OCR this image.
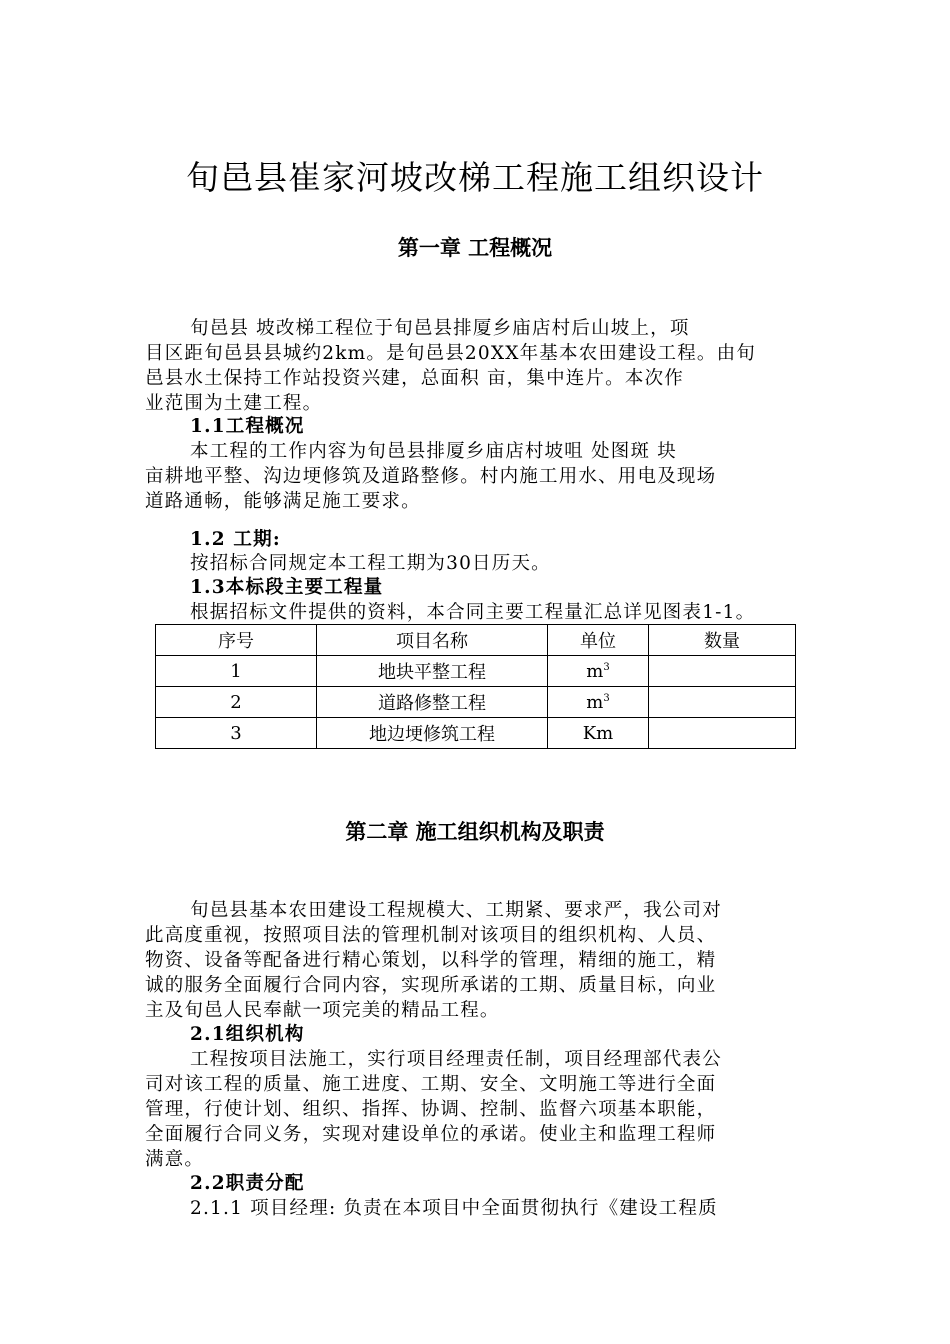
旬邑县崔家河坡改梯工程施工组织设计
第一章 工程概况
旬邑县 坡改梯工程位于旬邑县排厦乡庙店村后山坡上，项
目区距旬邑县县城约2km。是旬邑县20XX年基本农田建设工程。由旬
邑县水土保持工作站投资兴建，总面积 亩，集中连片。本次作
业范围为土建工程。
1.1工程概况
本工程的工作内容为旬邑县排厦乡庙店村坡咀 处图斑 块
亩耕地平整、沟边埂修筑及道路整修。村内施工用水、用电及现场
道路通畅，能够满足施工要求。
1.2 工期:
按招标合同规定本工程工期为30日历天。
1.3本标段主要工程量
根据招标文件提供的资料，本合同主要工程量汇总详见图表1-1。
序号	项目名称	单位	数量
1	地块平整工程	$m^3$	
2	道路修整工程	$m^3$	
3	地边埂修筑工程	Km	
第二章 施工组织机构及职责
旬邑县基本农田建设工程规模大、工期紧、要求严，我公司对
此高度重视，按照项目法的管理机制对该项目的组织机构、人员、
物资、设备等配备进行精心策划，以科学的管理，精细的施工，精
诚的服务全面履行合同内容，实现所承诺的工期、质量目标，向业
主及旬邑人民奉献一项完美的精品工程。
2.1组织机构
工程按项目法施工，实行项目经理责任制，项目经理部代表公
司对该工程的质量、施工进度、工期、安全、文明施工等进行全面
管理，行使计划、组织、指挥、协调、控制、监督六项基本职能，
全面履行合同义务，实现对建设单位的承诺。使业主和监理工程师
满意。
2.2职责分配
2.1.1 项目经理: 负责在本项目中全面贯彻执行《建设工程质
